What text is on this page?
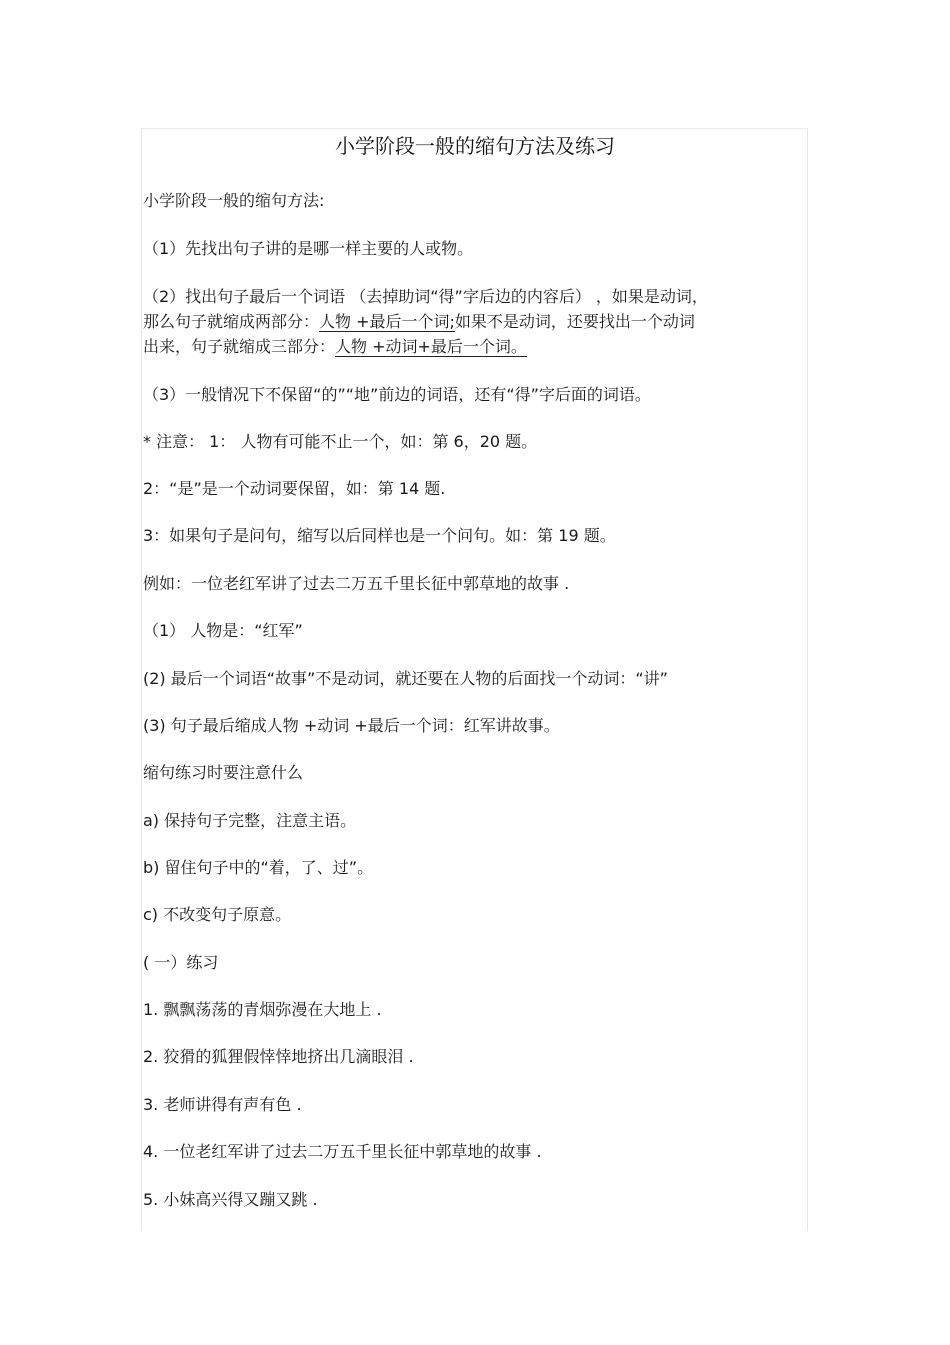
小学阶段一般的缩句方法及练习
小学阶段一般的缩句方法:
（1）先找出句子讲的是哪一样主要的人或物。
（2）找出句子最后一个词语 （去掉助词“得”字后边的内容后） ，如果是动词，
那么句子就缩成两部分：人物 +最后一个词;如果不是动词，还要找出一个动词
出来，句子就缩成三部分：人物 +动词+最后一个词。
（3）一般情况下不保留“的”“地”前边的词语，还有“得”字后面的词语。
* 注意： 1： 人物有可能不止一个，如：第 6，20 题。
2：“是”是一个动词要保留，如：第 14 题.
3：如果句子是问句，缩写以后同样也是一个问句。如：第 19 题。
例如：一位老红军讲了过去二万五千里长征中郭草地的故事 .
（1） 人物是：“红军”
(2) 最后一个词语“故事”不是动词，就还要在人物的后面找一个动词：“讲”
(3) 句子最后缩成人物 +动词 +最后一个词：红军讲故事。
缩句练习时要注意什么
a) 保持句子完整，注意主语。
b) 留住句子中的“着，了、过”。
c) 不改变句子原意。
( 一）练习
1. 飘飘荡荡的青烟弥漫在大地上 .
2. 狡猾的狐狸假悻悻地挤出几滴眼泪 .
3. 老师讲得有声有色 .
4. 一位老红军讲了过去二万五千里长征中郭草地的故事 .
5. 小妹高兴得又蹦又跳 .
